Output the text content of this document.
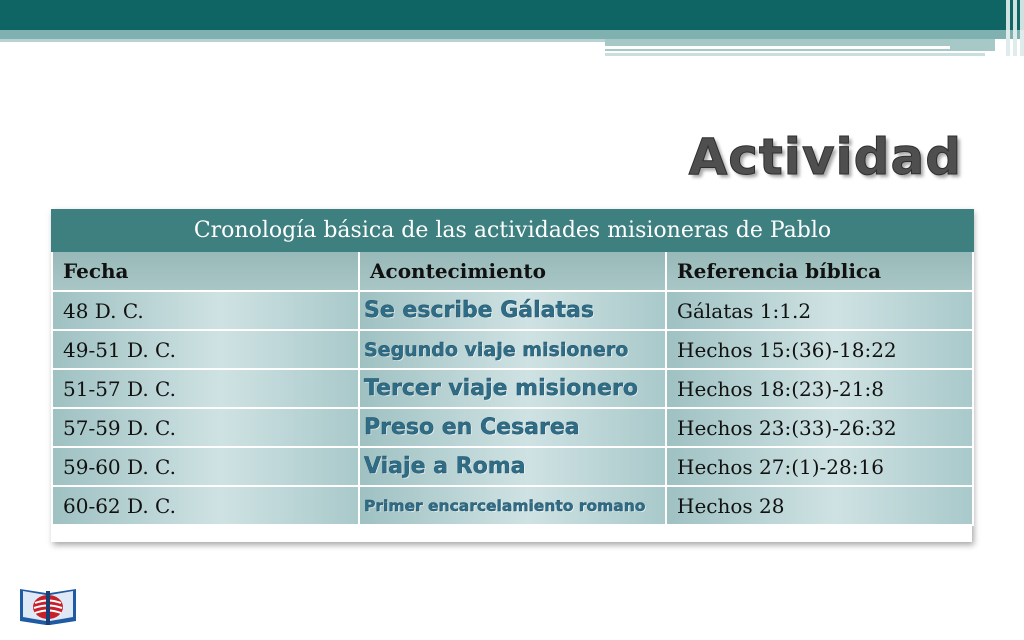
Actividad
Cronología básica de las actividades misioneras de Pablo		
Fecha	Acontecimiento	Referencia bíblica
48 D. C.	Se escribe Gálatas	Gálatas 1:1.2
49-51 D. C.	Segundo viaje misionero	Hechos 15:(36)-18:22
51-57 D. C.	Tercer viaje misionero	Hechos 18:(23)-21:8
57-59 D. C.	Preso en Cesarea	Hechos 23:(33)-26:32
59-60 D. C.	Viaje a Roma	Hechos 27:(1)-28:16
60-62 D. C.	Primer encarcelamiento romano	Hechos 28
